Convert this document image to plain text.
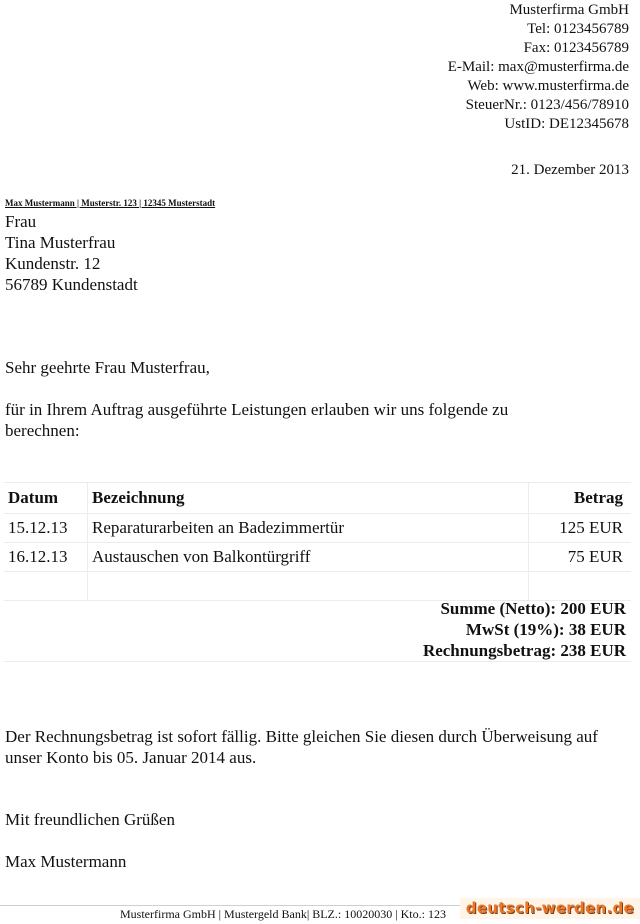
Musterfirma GmbH
Tel: 0123456789
Fax: 0123456789
E-Mail: max@musterfirma.de
Web: www.musterfirma.de
SteuerNr.: 0123/456/78910
UstID: DE12345678
21. Dezember 2013
Max Mustermann | Musterstr. 123 | 12345 Musterstadt
Frau
Tina Musterfrau
Kundenstr. 12
56789 Kundenstadt
Sehr geehrte Frau Musterfrau,
für in Ihrem Auftrag ausgeführte Leistungen erlauben wir uns folgende zu berechnen:
Datum	Bezeichnung	Betrag
15.12.13	Reparaturarbeiten an Badezimmertür	125 EUR
16.12.13	Austauschen von Balkontürgriff	75 EUR

Summe (Netto): 200 EUR
MwSt (19%): 38 EUR
Rechnungsbetrag: 238 EUR
Der Rechnungsbetrag ist sofort fällig. Bitte gleichen Sie diesen durch Überweisung auf unser Konto bis 05. Januar 2014 aus.
Mit freundlichen Grüßen
Max Mustermann
Musterfirma GmbH | Mustergeld Bank| BLZ.: 10020030 | Kto.: 123	deutsch-werden.de
